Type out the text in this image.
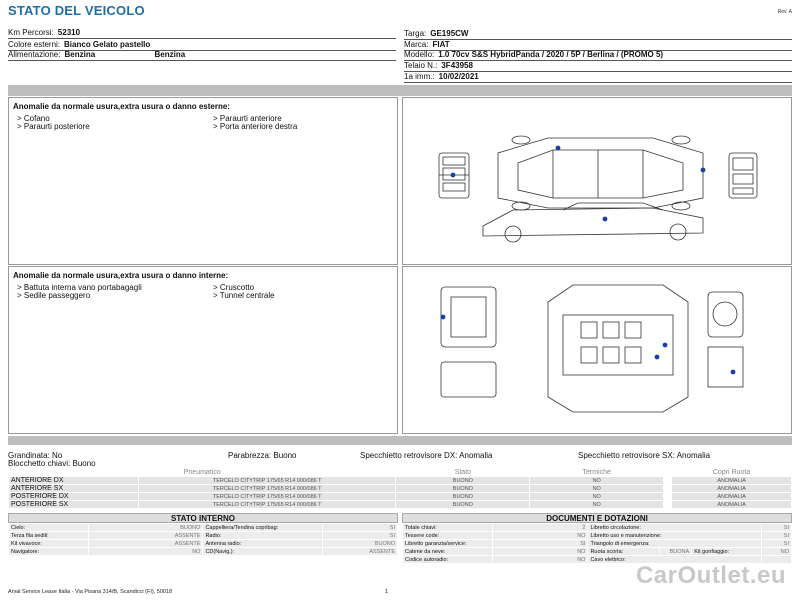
STATO DEL VEICOLO	Rev. A
Km Percorsi: 52310
Colore esterni: Bianco Gelato pastello
Alimentazione: Benzina	Benzina
Targa: GE195CW
Marca: FIAT
Modello: 1.0 70cv S&S HybridPanda / 2020 / 5P / Berlina / (PROMO 5)
Telaio N.: 3F43958
1a imm.: 10/02/2021
Anomalie da normale usura,extra usura o danno esterne:
> Cofano	> Paraurti anteriore
> Paraurti posteriore	> Porta anteriore destra
Anomalie da normale usura,extra usura o danno interne:
> Battuta interna vano portabagagli	> Cruscotto
> Sedile passeggero	> Tunnel centrale
Grandinata: No	Parabrezza: Buono	Specchietto retrovisore DX: Anomalia	Specchietto retrovisore SX: Anomalia
Blocchetto chiavi: Buono
Pneumatico		Stato	Termiche		Copri Ruota
ANTERIORE DX	TERCELO CITYTRIP 175/65 R14 000/086 T	BUONO	NO		ANOMALIA
ANTERIORE SX	TERCELO CITYTRIP 175/65 R14 000/086 T	BUONO	NO		ANOMALIA
POSTERIORE DX	TERCELO CITYTRIP 175/65 R14 000/086 T	BUONO	NO		ANOMALIA
POSTERIORE SX	TERCELO CITYTRIP 175/65 R14 000/086 T	BUONO	NO		ANOMALIA
STATO INTERNO
Cielo:	BUONO	Cappelliera/Tendina copribag:	SI
Terza fila sedili:	ASSENTE	Radio:	SI
Kit vivavoce:	ASSENTE	Antenna radio:	BUONO
Navigatore:	NO	CD(Navig.):	ASSENTE
DOCUMENTI E DOTAZIONI
Totale chiavi:	2	Libretto circolazione:			SI
Tessere code:	NO	Libretto uso e manutenzione:			SI
Libretto garanzia/service:	SI	Triangolo di emergenza:			SI
Catene da neve:	NO	Ruota scorta:	BUONA	Kit gonfiaggio:	NO
Codice autoradio:	NO	Cavo elettrico:			
Arval Service Lease Italia - Via Pisana 314/B, Scandicci (FI), 50018	1
CarOutlet.eu
